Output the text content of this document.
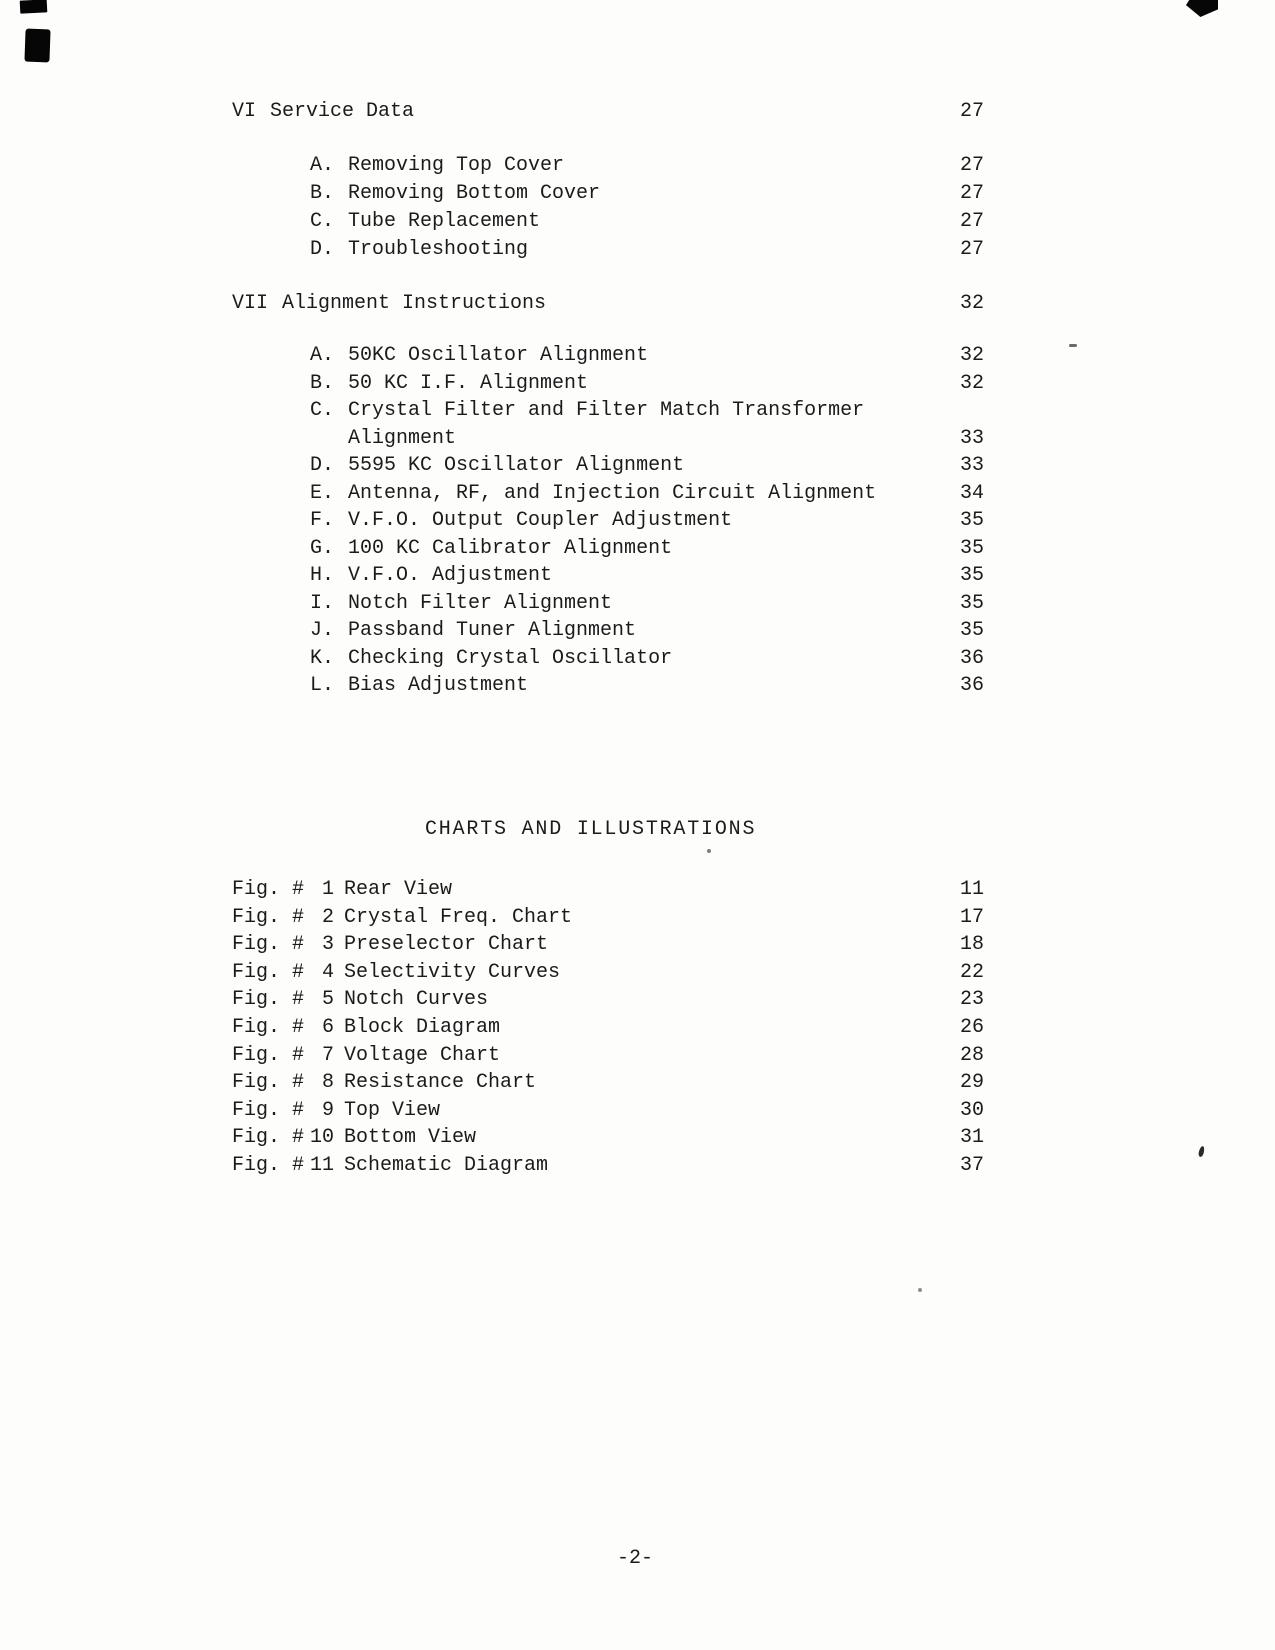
VI Service Data	27
A. Removing Top Cover	27
B. Removing Bottom Cover	27
C. Tube Replacement	27
D. Troubleshooting	27
VII Alignment Instructions	32
A. 50KC Oscillator Alignment	32
B. 50 KC I.F. Alignment	32
C. Crystal Filter and Filter Match Transformer
Alignment	33
D. 5595 KC Oscillator Alignment	33
E. Antenna, RF, and Injection Circuit Alignment	34
F. V.F.O. Output Coupler Adjustment	35
G. 100 KC Calibrator Alignment	35
H. V.F.O. Adjustment	35
I. Notch Filter Alignment	35
J. Passband Tuner Alignment	35
K. Checking Crystal Oscillator	36
L. Bias Adjustment	36
CHARTS AND ILLUSTRATIONS
Fig. # 1 Rear View	11
Fig. # 2 Crystal Freq. Chart	17
Fig. # 3 Preselector Chart	18
Fig. # 4 Selectivity Curves	22
Fig. # 5 Notch Curves	23
Fig. # 6 Block Diagram	26
Fig. # 7 Voltage Chart	28
Fig. # 8 Resistance Chart	29
Fig. # 9 Top View	30
Fig. # 10 Bottom View	31
Fig. # 11 Schematic Diagram	37
-2-
